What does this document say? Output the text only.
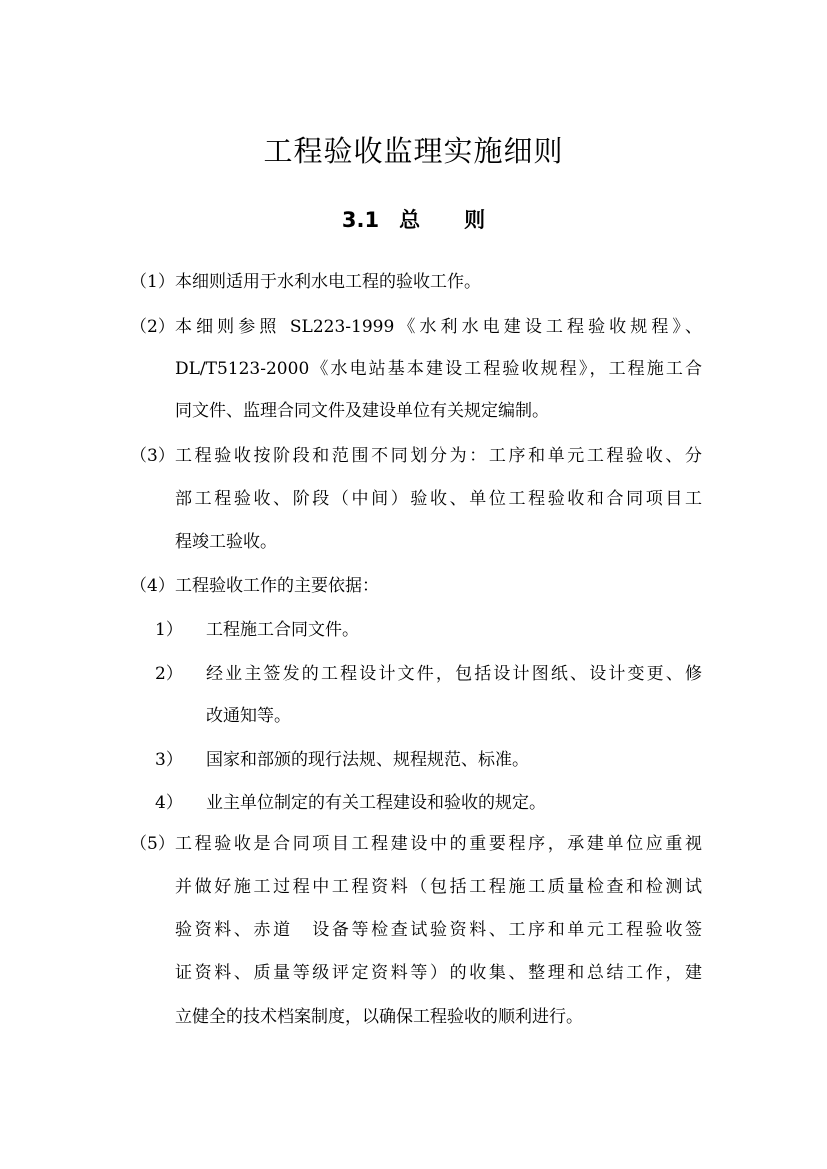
工程验收监理实施细则
3.1 总 则
（1） 本细则适用于水利水电工程的验收工作。
（2） 本细则参照 SL223-1999《水利水电建设工程验收规程》、
DL/T5123-2000《水电站基本建设工程验收规程》，工程施工合
同文件、监理合同文件及建设单位有关规定编制。
（3） 工程验收按阶段和范围不同划分为：工序和单元工程验收、分
部工程验收、阶段（中间）验收、单位工程验收和合同项目工
程竣工验收。
（4） 工程验收工作的主要依据：
1） 工程施工合同文件。
2） 经业主签发的工程设计文件，包括设计图纸、设计变更、修
改通知等。
3） 国家和部颁的现行法规、规程规范、标准。
4） 业主单位制定的有关工程建设和验收的规定。
（5） 工程验收是合同项目工程建设中的重要程序，承建单位应重视
并做好施工过程中工程资料（包括工程施工质量检查和检测试
验资料、赤道　设备等检查试验资料、工序和单元工程验收签
证资料、质量等级评定资料等）的收集、整理和总结工作，建
立健全的技术档案制度，以确保工程验收的顺利进行。
